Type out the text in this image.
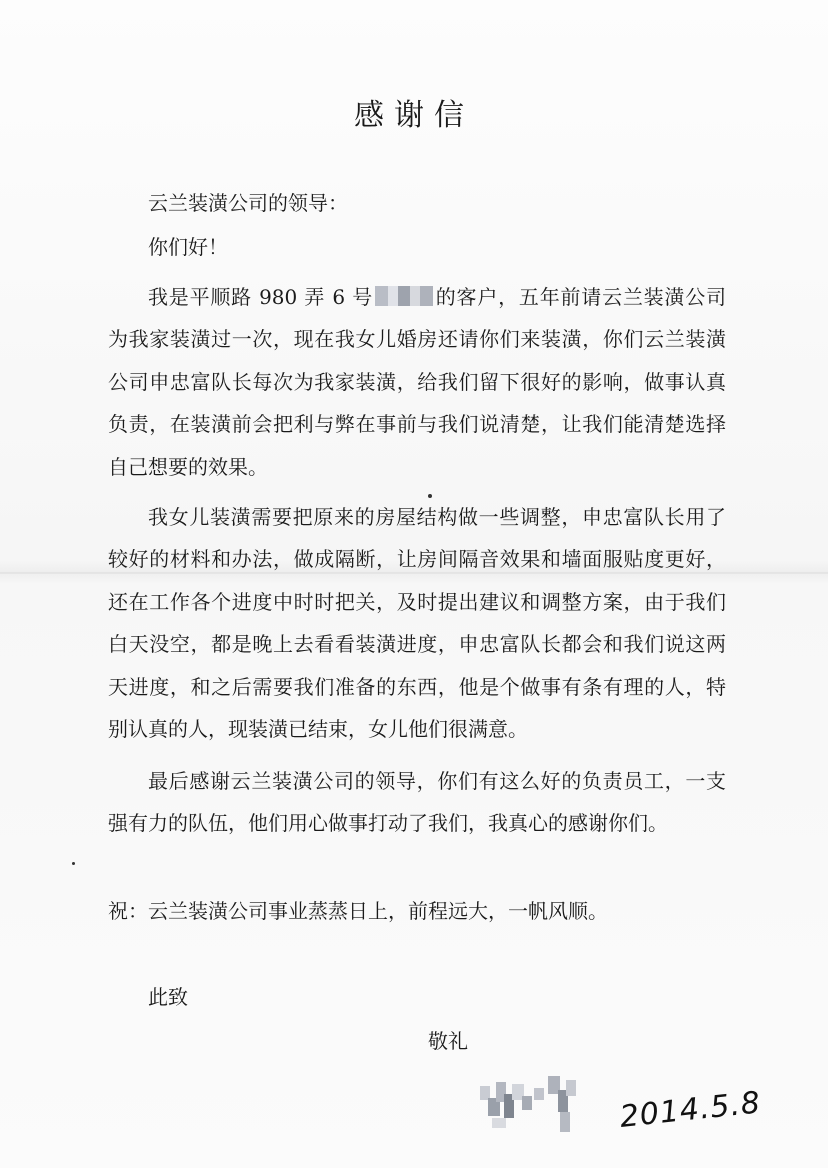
感谢信
云兰装潢公司的领导：
你们好！

我是平顺路 980 弄 6 号	的客户，五年前请云兰装潢公司为我家装潢过一次，现在我女儿婚房还请你们来装潢，你们云兰装潢公司申忠富队长每次为我家装潢，给我们留下很好的影响，做事认真负责，在装潢前会把利与弊在事前与我们说清楚，让我们能清楚选择自己想要的效果。

我女儿装潢需要把原来的房屋结构做一些调整，申忠富队长用了较好的材料和办法，做成隔断，让房间隔音效果和墙面服贴度更好，还在工作各个进度中时时把关，及时提出建议和调整方案，由于我们白天没空，都是晚上去看看装潢进度，申忠富队长都会和我们说这两天进度，和之后需要我们准备的东西，他是个做事有条有理的人，特别认真的人，现装潢已结束，女儿他们很满意。

最后感谢云兰装潢公司的领导，你们有这么好的负责员工，一支强有力的队伍，他们用心做事打动了我们，我真心的感谢你们。

祝：云兰装潢公司事业蒸蒸日上，前程远大，一帆风顺。
此致
敬礼
2014.5.8
